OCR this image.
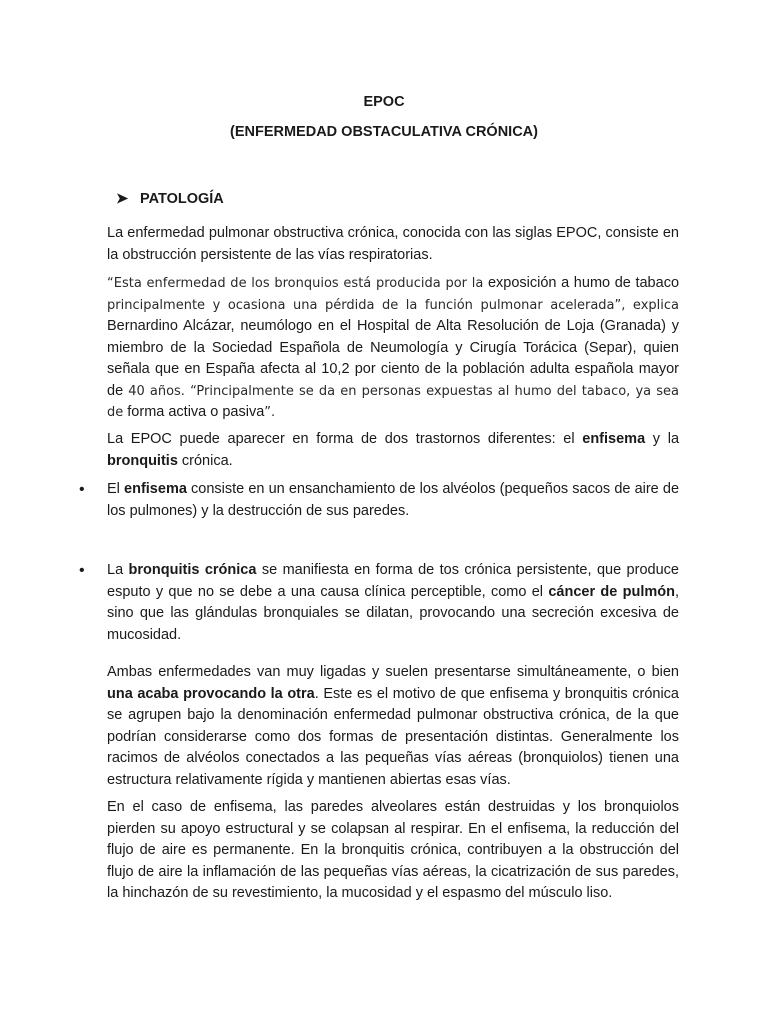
EPOC
(ENFERMEDAD OBSTACULATIVA CRÓNICA)
➤ PATOLOGÍA
La enfermedad pulmonar obstructiva crónica, conocida con las siglas EPOC, consiste en la obstrucción persistente de las vías respiratorias.
“Esta enfermedad de los bronquios está producida por la exposición a humo de tabaco principalmente y ocasiona una pérdida de la función pulmonar acelerada”, explica Bernardino Alcázar, neumólogo en el Hospital de Alta Resolución de Loja (Granada) y miembro de la Sociedad Española de Neumología y Cirugía Torácica (Separ), quien señala que en España afecta al 10,2 por ciento de la población adulta española mayor de 40 años. “Principalmente se da en personas expuestas al humo del tabaco, ya sea de forma activa o pasiva”.
La EPOC puede aparecer en forma de dos trastornos diferentes: el enfisema y la bronquitis crónica.
• El enfisema consiste en un ensanchamiento de los alvéolos (pequeños sacos de aire de los pulmones) y la destrucción de sus paredes.
• La bronquitis crónica se manifiesta en forma de tos crónica persistente, que produce esputo y que no se debe a una causa clínica perceptible, como el cáncer de pulmón, sino que las glándulas bronquiales se dilatan, provocando una secreción excesiva de mucosidad.
Ambas enfermedades van muy ligadas y suelen presentarse simultáneamente, o bien una acaba provocando la otra. Este es el motivo de que enfisema y bronquitis crónica se agrupen bajo la denominación enfermedad pulmonar obstructiva crónica, de la que podrían considerarse como dos formas de presentación distintas. Generalmente los racimos de alvéolos conectados a las pequeñas vías aéreas (bronquiolos) tienen una estructura relativamente rígida y mantienen abiertas esas vías.
En el caso de enfisema, las paredes alveolares están destruidas y los bronquiolos pierden su apoyo estructural y se colapsan al respirar. En el enfisema, la reducción del flujo de aire es permanente. En la bronquitis crónica, contribuyen a la obstrucción del flujo de aire la inflamación de las pequeñas vías aéreas, la cicatrización de sus paredes, la hinchazón de su revestimiento, la mucosidad y el espasmo del músculo liso.
